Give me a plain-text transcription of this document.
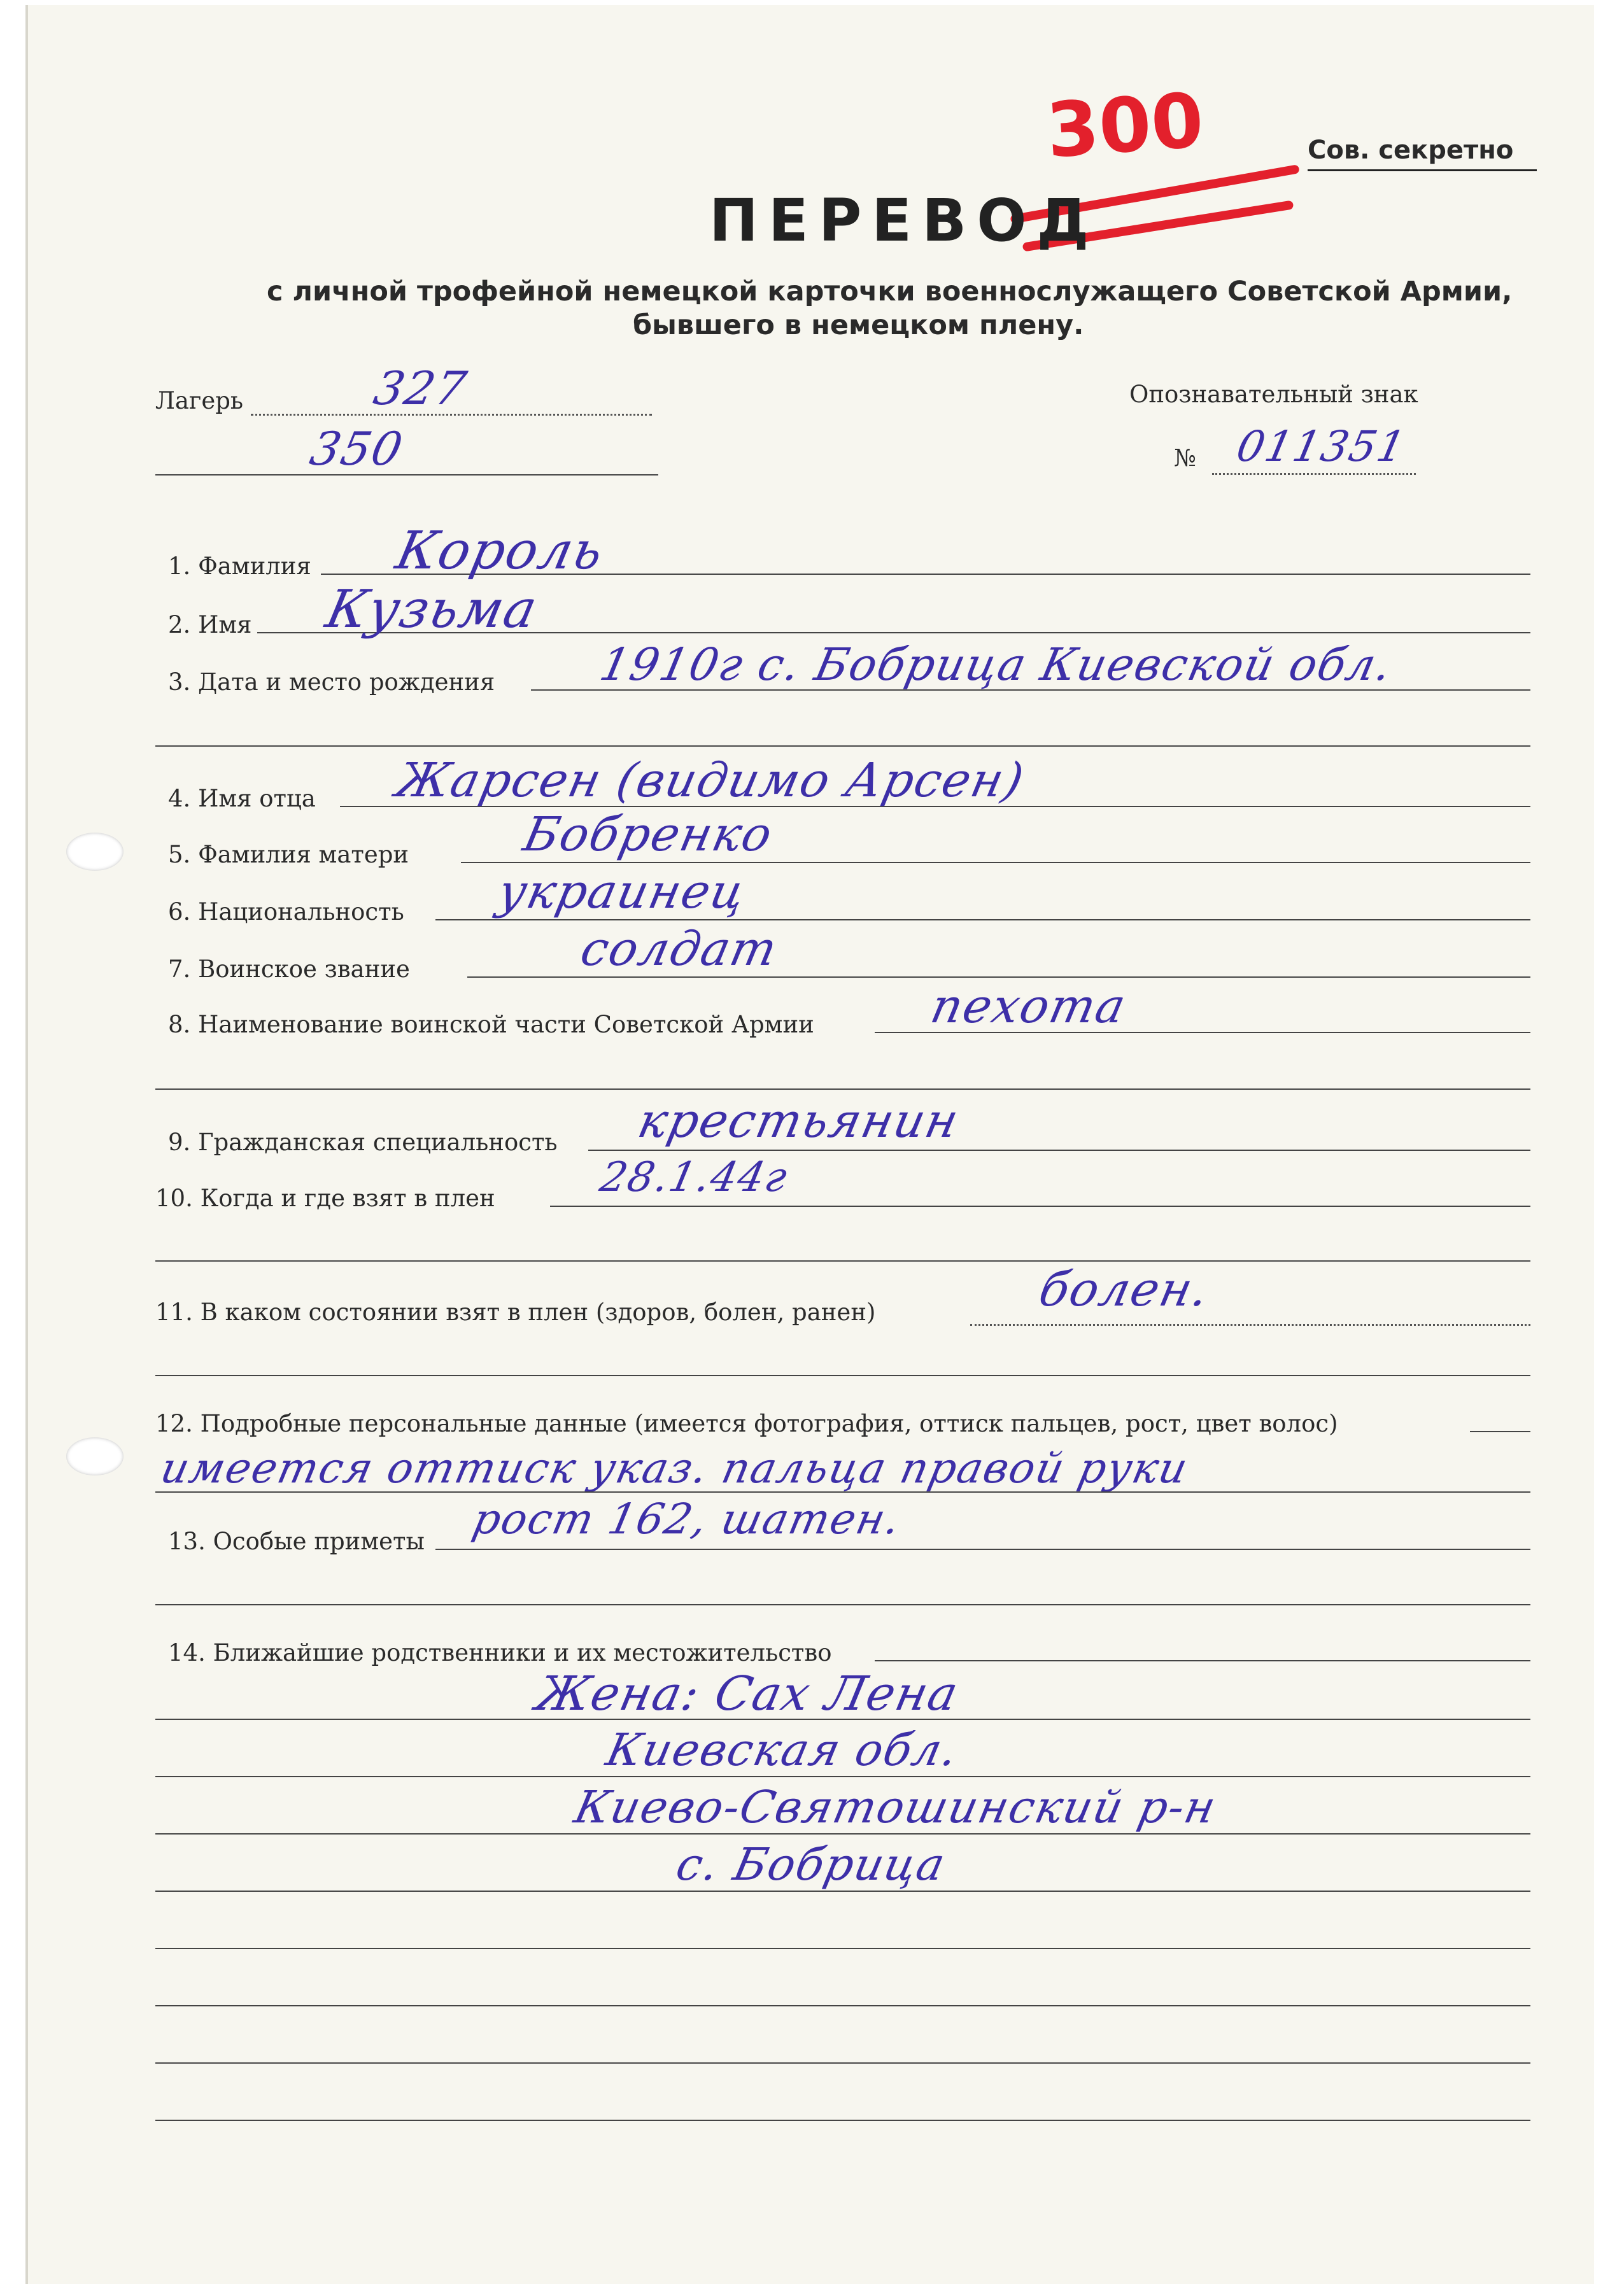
300	Сов. секретно
ПЕРЕВОД
с личной трофейной немецкой карточки военнослужащего Советской Армии,
бывшего в немецком плену.
Лагерь	327
350
Опознавательный знак
№ 011351
1. Фамилия Король
2. Имя Кузьма
3. Дата и место рождения 1910г с. Бобрица Киевской обл.
4. Имя отца Жарсен (видимо Арсен)
5. Фамилия матери Бобренко
6. Национальность украинец
7. Воинское звание	солдат
8. Наименование воинской части Советской Армии пехота
9. Гражданская специальность крестьянин
10. Когда и где взят в плен 28.1.44г
11. В каком состоянии взят в плен (здоров, болен, ранен)	болен.
12. Подробные персональные данные (имеется фотография, оттиск пальцев, рост, цвет волос)
имеется оттиск указ. пальца правой руки
13. Особые приметы рост 162, шатен.
14. Ближайшие родственники и их местожительство
Жена: Сах Лена
Киевская обл.
Киево-Святошинский р-н
с. Бобрица
